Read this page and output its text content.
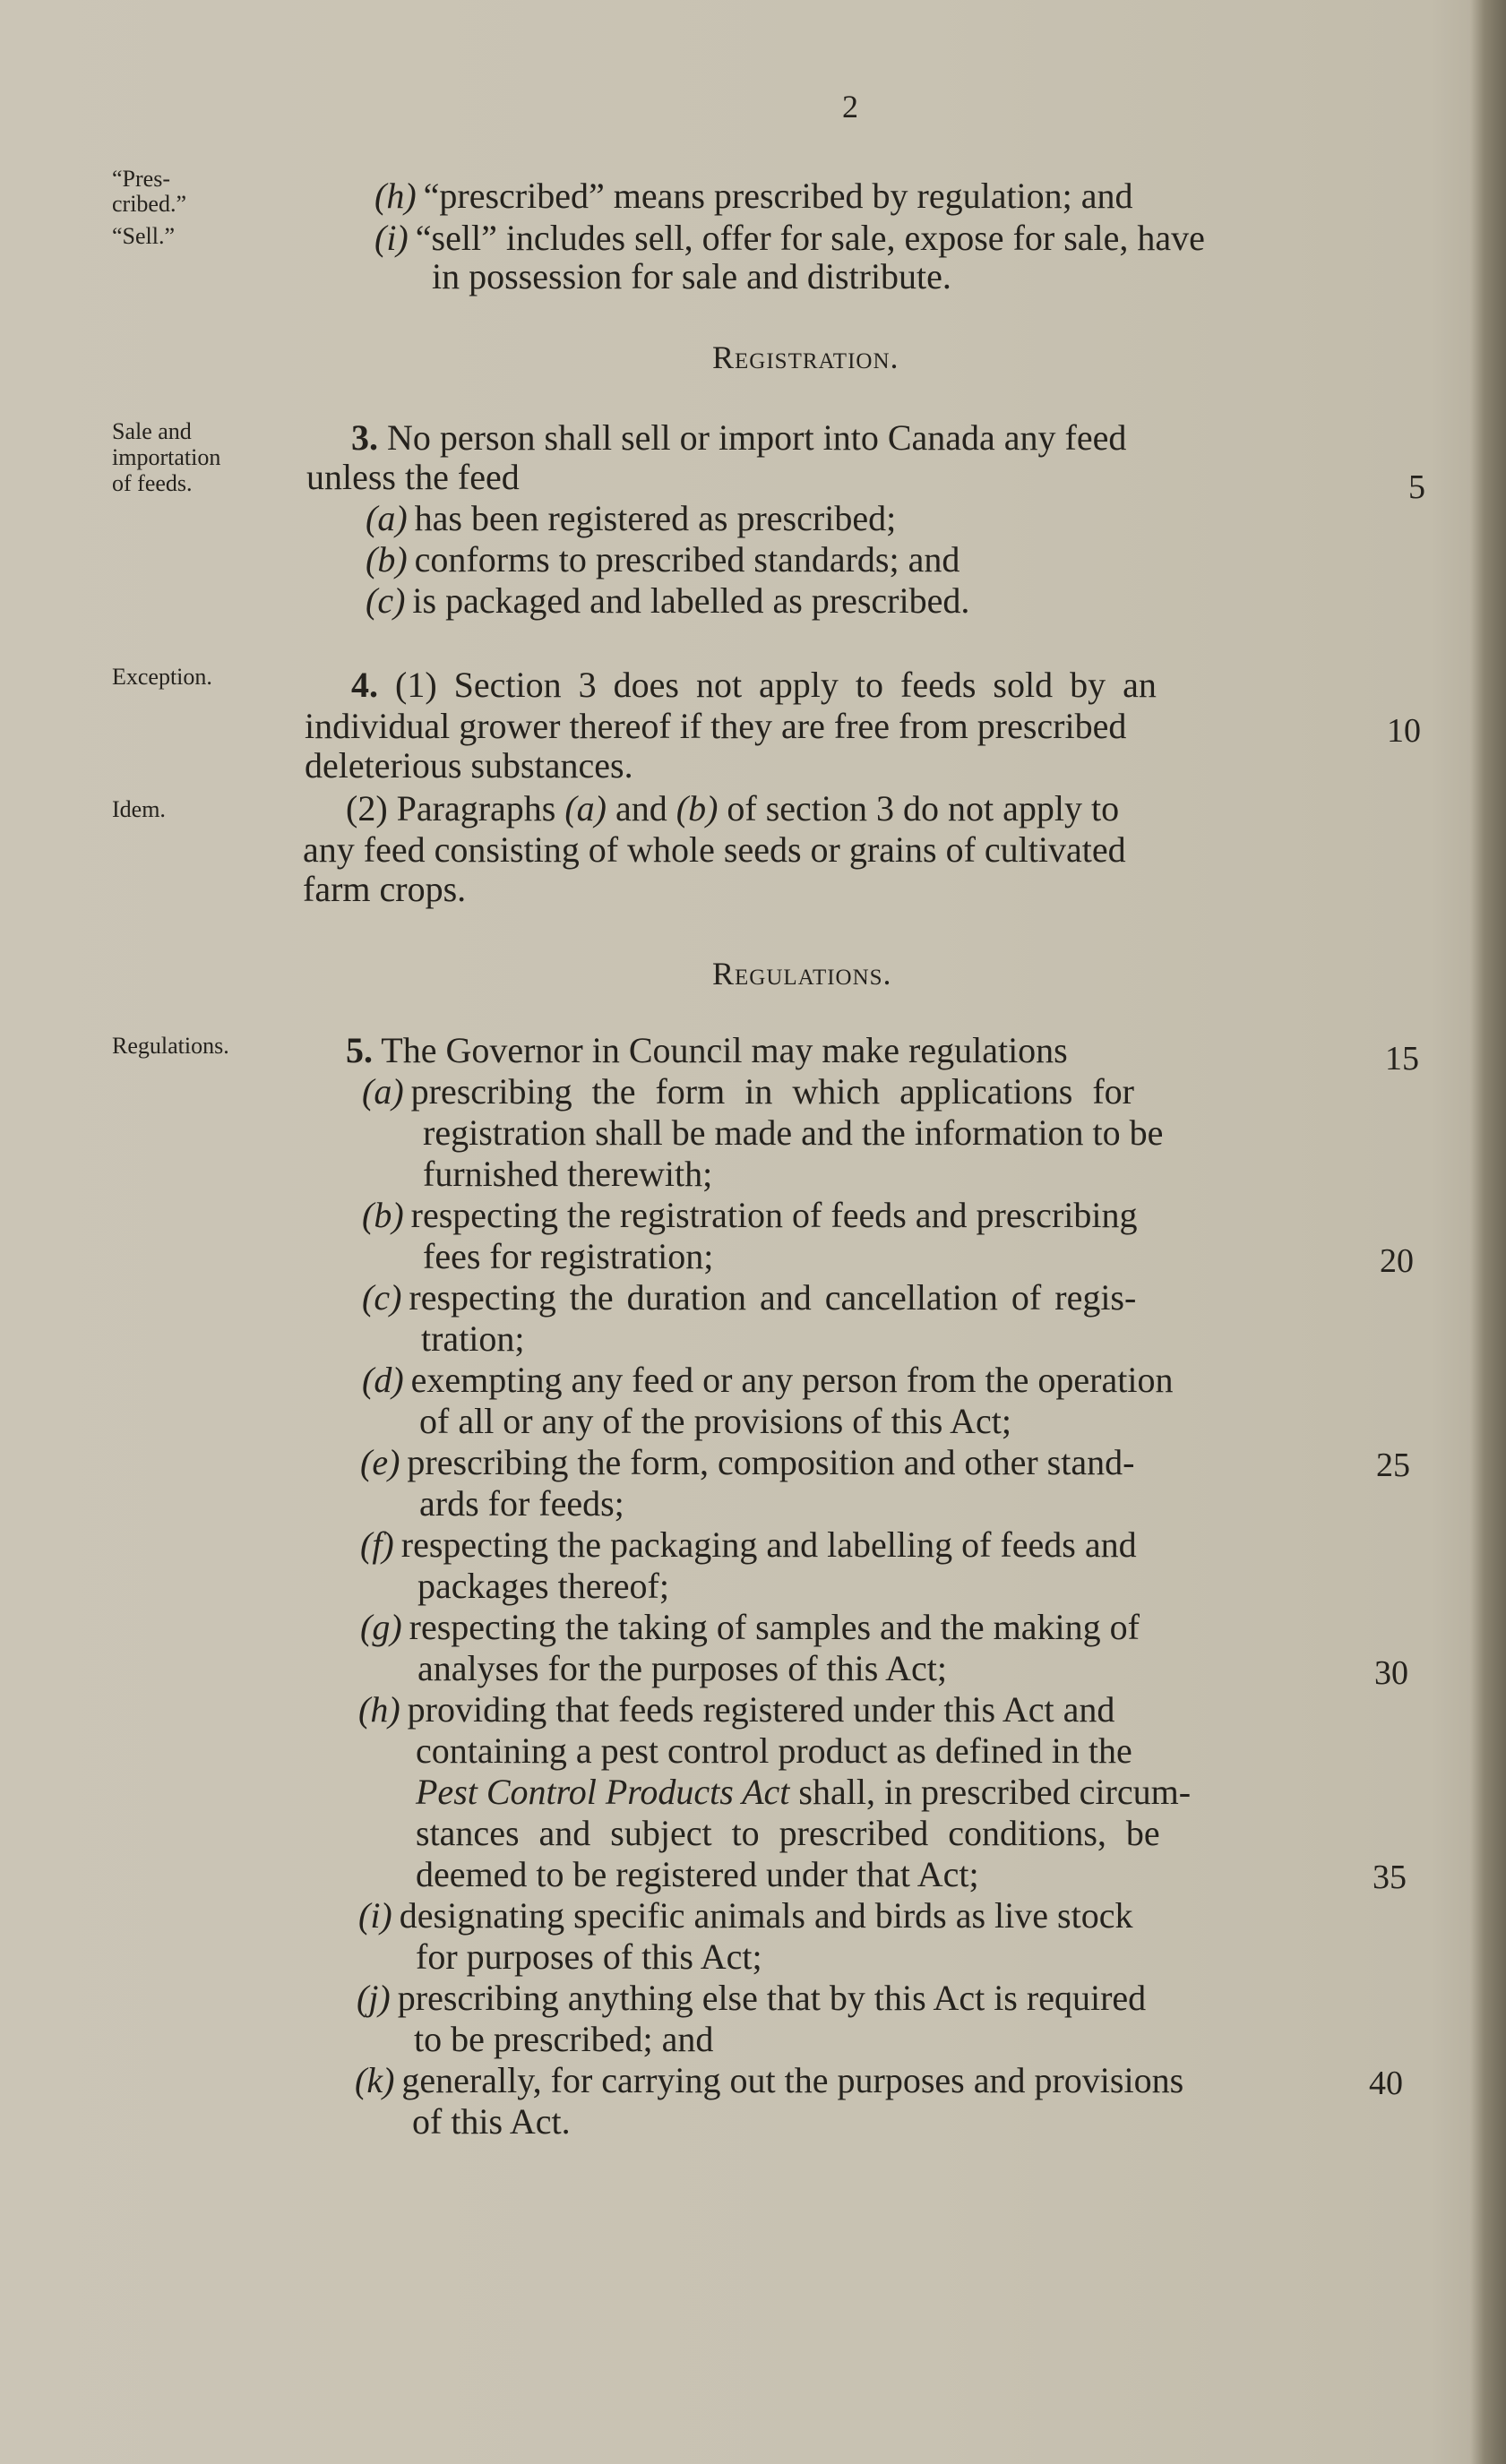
2
“Pres-
cribed.”
“Sell.”
Sale and
importation
of feeds.
Exception.
Idem.
Regulations.
(h) “prescribed” means prescribed by regulation; and
(i) “sell” includes sell, offer for sale, expose for sale, have
in possession for sale and distribute.
Registration.
3. No person shall sell or import into Canada any feed
unless the feed	5
(a) has been registered as prescribed;
(b) conforms to prescribed standards; and
(c) is packaged and labelled as prescribed.
4. (1) Section 3 does not apply to feeds sold by an
individual grower thereof if they are free from prescribed	10
deleterious substances.
(2) Paragraphs (a) and (b) of section 3 do not apply to
any feed consisting of whole seeds or grains of cultivated
farm crops.
Regulations.
5. The Governor in Council may make regulations	15
(a) prescribing the form in which applications for
registration shall be made and the information to be
furnished therewith;
(b) respecting the registration of feeds and prescribing
fees for registration;	20
(c) respecting the duration and cancellation of regis-
tration;
(d) exempting any feed or any person from the operation
of all or any of the provisions of this Act;
(e) prescribing the form, composition and other stand-	25
ards for feeds;
(f) respecting the packaging and labelling of feeds and
packages thereof;
(g) respecting the taking of samples and the making of
analyses for the purposes of this Act;	30
(h) providing that feeds registered under this Act and
containing a pest control product as defined in the
Pest Control Products Act shall, in prescribed circum-
stances and subject to prescribed conditions, be
deemed to be registered under that Act;	35
(i) designating specific animals and birds as live stock
for purposes of this Act;
(j) prescribing anything else that by this Act is required
to be prescribed; and
(k) generally, for carrying out the purposes and provisions	40
of this Act.
